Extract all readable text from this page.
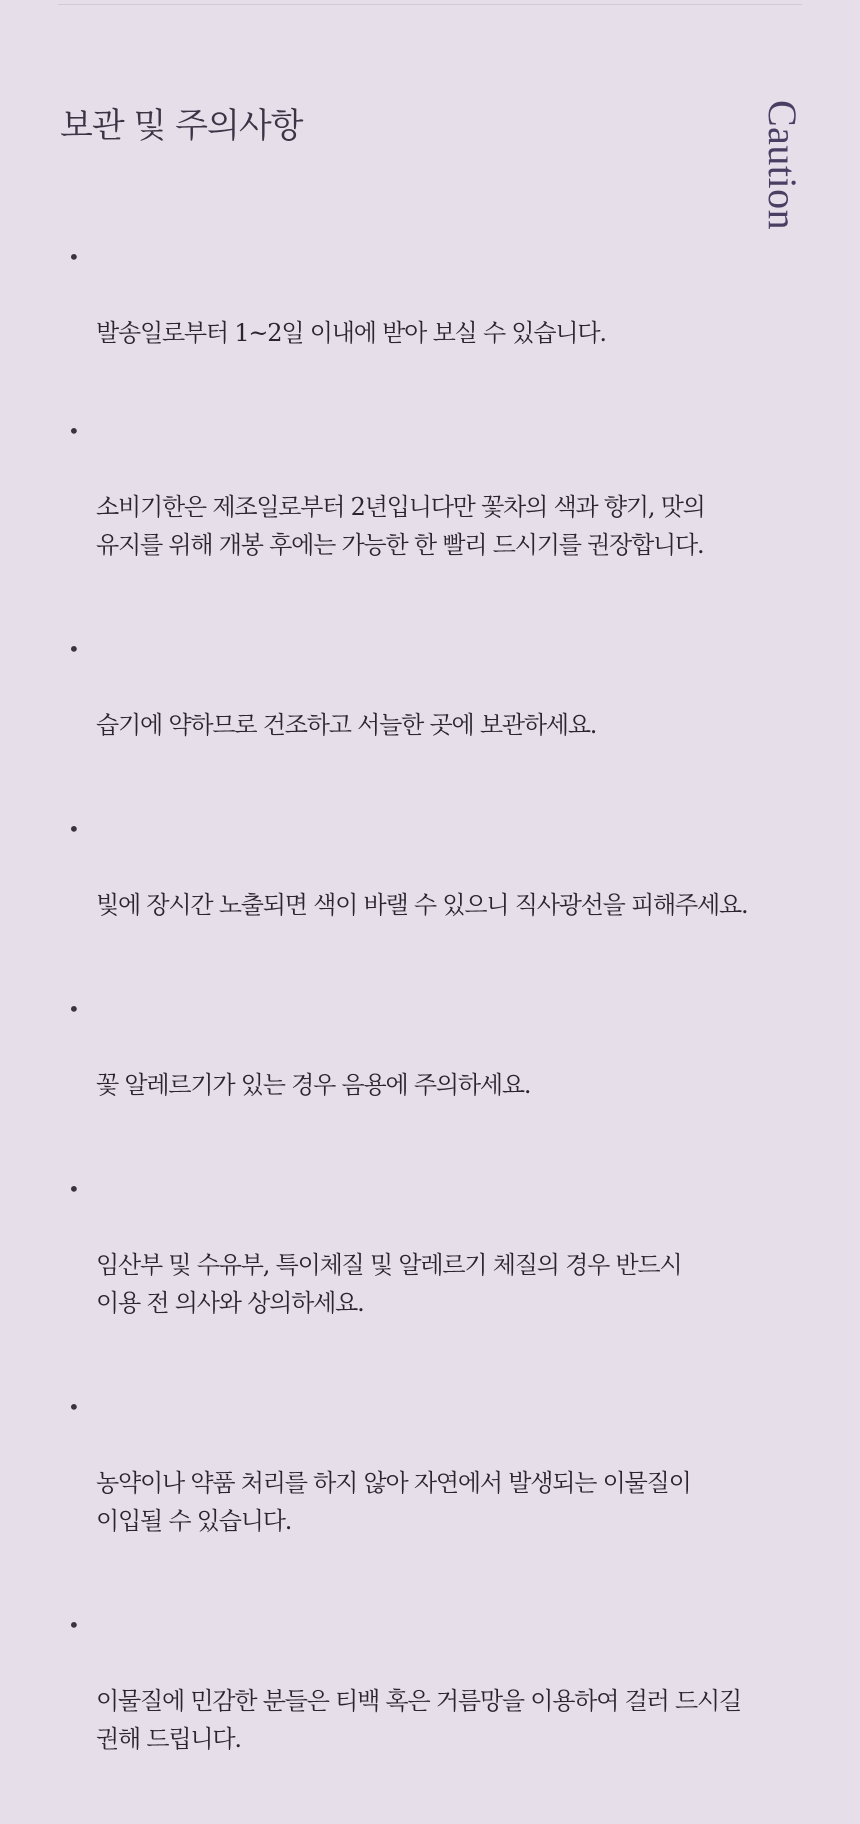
보관 및 주의사항	Caution

•

발송일로부터 1~2일 이내에 받아 보실 수 있습니다.

•

소비기한은 제조일로부터 2년입니다만 꽃차의 색과 향기, 맛의
유지를 위해 개봉 후에는 가능한 한 빨리 드시기를 권장합니다.

•

습기에 약하므로 건조하고 서늘한 곳에 보관하세요.

•

빛에 장시간 노출되면 색이 바랠 수 있으니 직사광선을 피해주세요.

•

꽃 알레르기가 있는 경우 음용에 주의하세요.

•

임산부 및 수유부, 특이체질 및 알레르기 체질의 경우 반드시
이용 전 의사와 상의하세요.

•

농약이나 약품 처리를 하지 않아 자연에서 발생되는 이물질이
이입될 수 있습니다.

•

이물질에 민감한 분들은 티백 혹은 거름망을 이용하여 걸러 드시길
권해 드립니다.
